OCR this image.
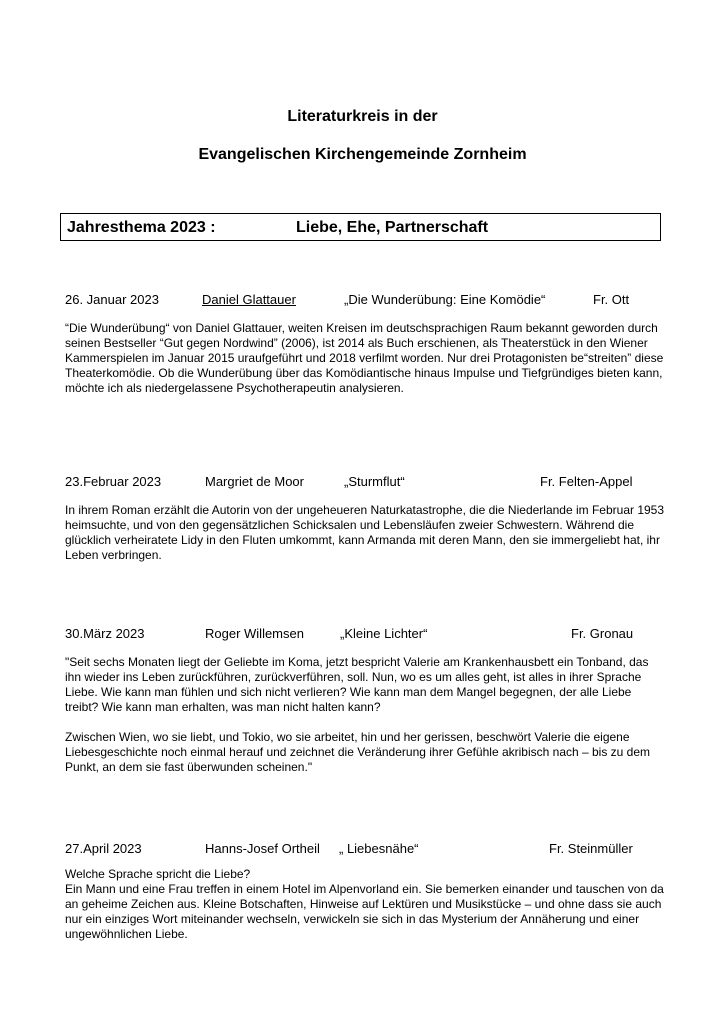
Literaturkreis in der
Evangelischen Kirchengemeinde Zornheim
Jahresthema 2023 :	Liebe, Ehe, Partnerschaft
26. Januar 2023	Daniel Glattauer	„Die Wunderübung: Eine Komödie“	Fr. Ott

“Die Wunderübung“ von Daniel Glattauer, weiten Kreisen im deutschsprachigen Raum bekannt geworden durch seinen Bestseller “Gut gegen Nordwind” (2006), ist 2014 als Buch erschienen, als Theaterstück in den Wiener Kammerspielen im Januar 2015 uraufgeführt und 2018 verfilmt worden. Nur drei Protagonisten be“streiten” diese Theaterkomödie. Ob die Wunderübung über das Komödiantische hinaus Impulse und Tiefgründiges bieten kann, möchte ich als niedergelassene Psychotherapeutin analysieren.

23.Februar 2023	Margriet de Moor	„Sturmflut“	Fr. Felten-Appel

In ihrem Roman erzählt die Autorin von der ungeheueren Naturkatastrophe, die die Niederlande im Februar 1953 heimsuchte, und von den gegensätzlichen Schicksalen und Lebensläufen zweier Schwestern. Während die glücklich verheiratete Lidy in den Fluten umkommt, kann Armanda mit deren Mann, den sie immergeliebt hat, ihr Leben verbringen.

30.März 2023	Roger Willemsen	„Kleine Lichter“	Fr. Gronau

"Seit sechs Monaten liegt der Geliebte im Koma, jetzt bespricht Valerie am Krankenhausbett ein Tonband, das ihn wieder ins Leben zurückführen, zurückverführen, soll. Nun, wo es um alles geht, ist alles in ihrer Sprache Liebe. Wie kann man fühlen und sich nicht verlieren? Wie kann man dem Mangel begegnen, der alle Liebe treibt? Wie kann man erhalten, was man nicht halten kann?

Zwischen Wien, wo sie liebt, und Tokio, wo sie arbeitet, hin und her gerissen, beschwört Valerie die eigene Liebesgeschichte noch einmal herauf und zeichnet die Veränderung ihrer Gefühle akribisch nach – bis zu dem Punkt, an dem sie fast überwunden scheinen."

27.April 2023	Hanns-Josef Ortheil „ Liebesnähe“	Fr. Steinmüller

Welche Sprache spricht die Liebe?

Ein Mann und eine Frau treffen in einem Hotel im Alpenvorland ein. Sie bemerken einander und tauschen von da an geheime Zeichen aus. Kleine Botschaften, Hinweise auf Lektüren und Musikstücke – und ohne dass sie auch nur ein einziges Wort miteinander wechseln, verwickeln sie sich in das Mysterium der Annäherung und einer ungewöhnlichen Liebe.
